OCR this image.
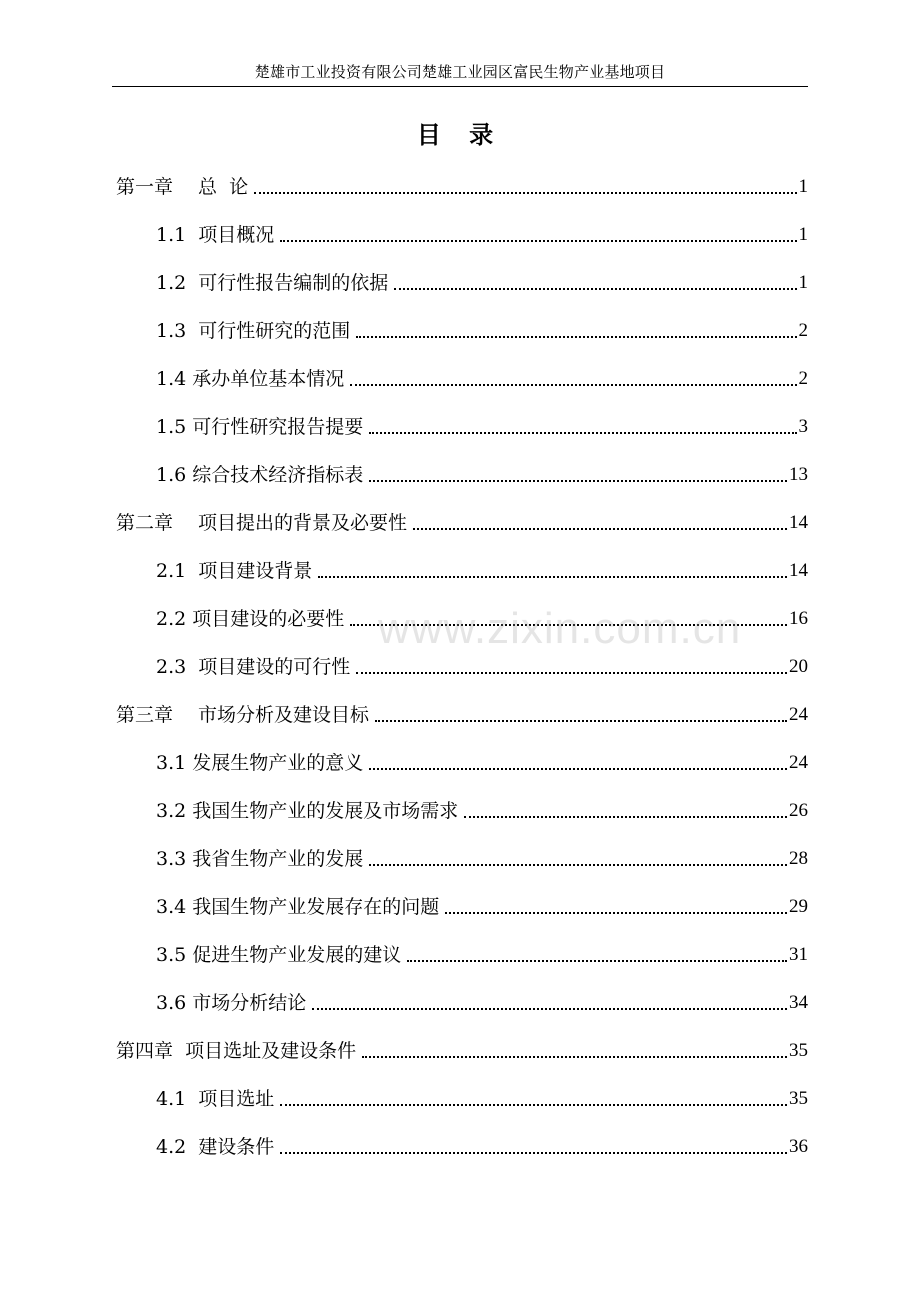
楚雄市工业投资有限公司楚雄工业园区富民生物产业基地项目
目 录
第一章　 总  论	1
1.1  项目概况	1
1.2  可行性报告编制的依据	1
1.3  可行性研究的范围	2
1.4 承办单位基本情况	2
1.5 可行性研究报告提要	3
1.6 综合技术经济指标表	13
第二章　 项目提出的背景及必要性	14
2.1  项目建设背景	14
2.2 项目建设的必要性	16
2.3  项目建设的可行性	20
第三章　 市场分析及建设目标	24
3.1 发展生物产业的意义	24
3.2 我国生物产业的发展及市场需求	26
3.3 我省生物产业的发展	28
3.4 我国生物产业发展存在的问题	29
3.5 促进生物产业发展的建议	31
3.6 市场分析结论	34
第四章  项目选址及建设条件	35
4.1  项目选址	35
4.2  建设条件	36
www.zixin.com.cn
